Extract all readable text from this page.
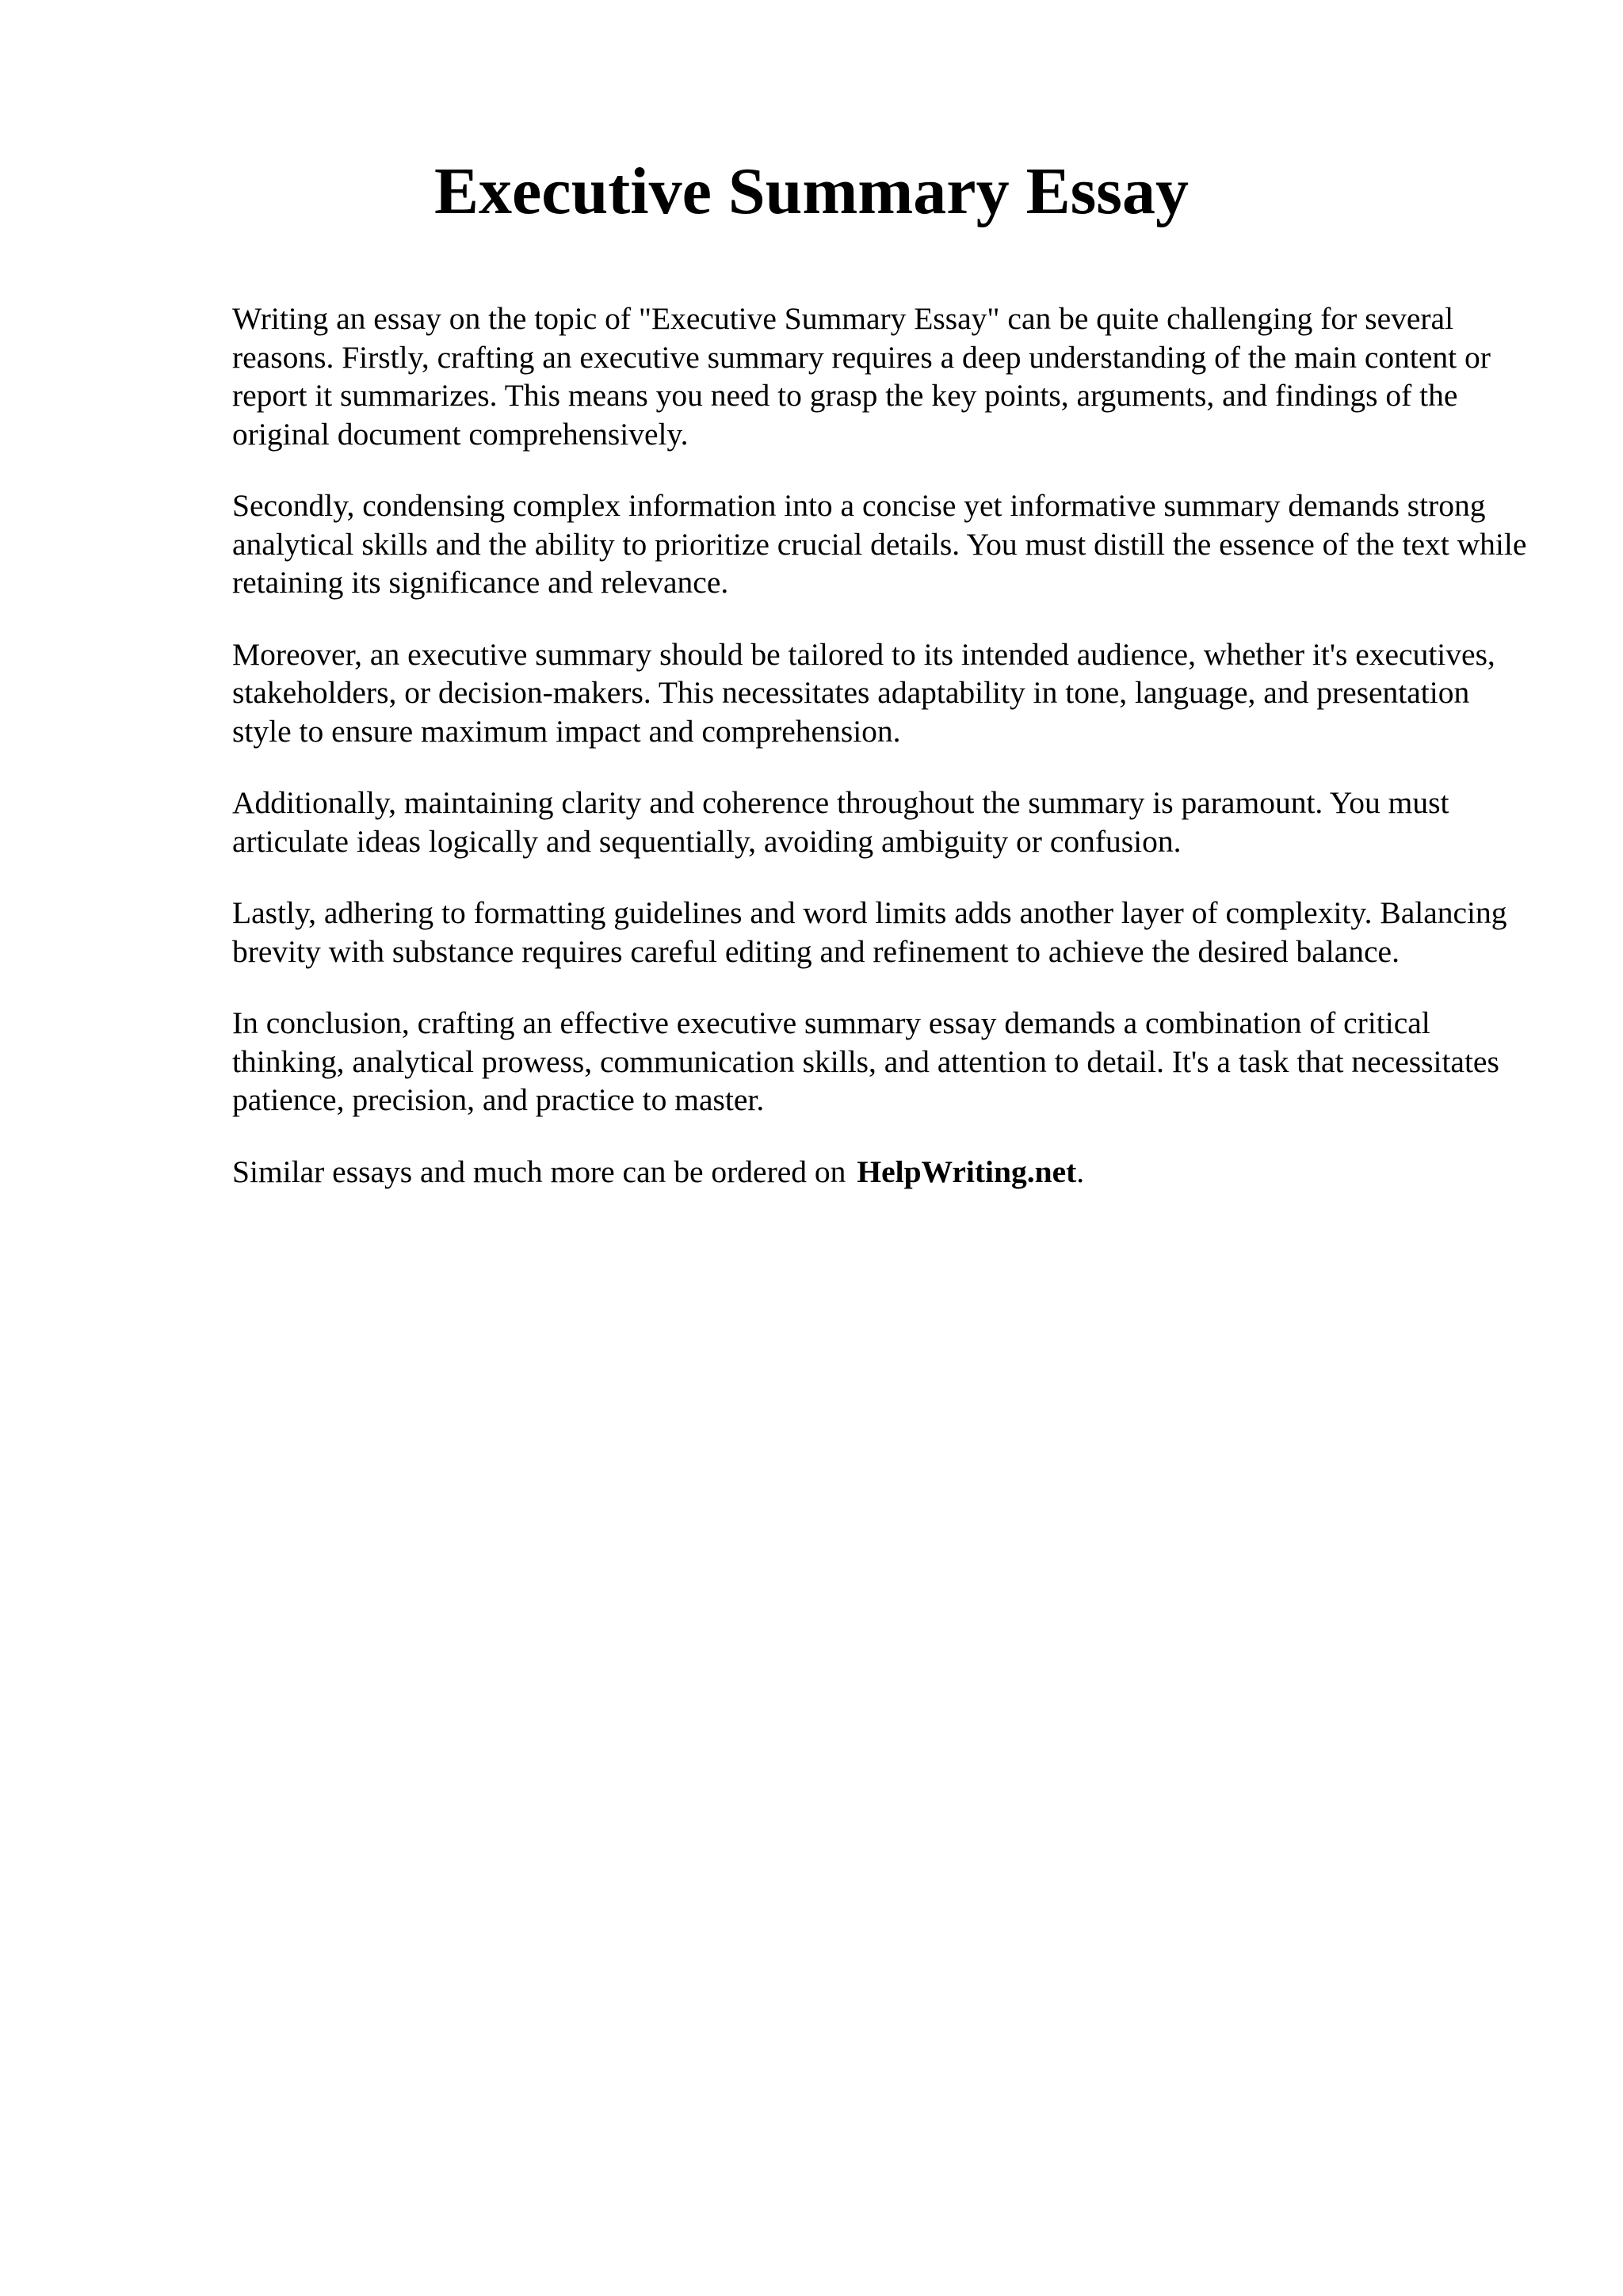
Executive Summary Essay

Writing an essay on the topic of "Executive Summary Essay" can be quite challenging for several reasons. Firstly, crafting an executive summary requires a deep understanding of the main content or report it summarizes. This means you need to grasp the key points, arguments, and findings of the original document comprehensively.

Secondly, condensing complex information into a concise yet informative summary demands strong analytical skills and the ability to prioritize crucial details. You must distill the essence of the text while retaining its significance and relevance.

Moreover, an executive summary should be tailored to its intended audience, whether it's executives, stakeholders, or decision-makers. This necessitates adaptability in tone, language, and presentation style to ensure maximum impact and comprehension.

Additionally, maintaining clarity and coherence throughout the summary is paramount. You must articulate ideas logically and sequentially, avoiding ambiguity or confusion.

Lastly, adhering to formatting guidelines and word limits adds another layer of complexity. Balancing brevity with substance requires careful editing and refinement to achieve the desired balance.

In conclusion, crafting an effective executive summary essay demands a combination of critical thinking, analytical prowess, communication skills, and attention to detail. It's a task that necessitates patience, precision, and practice to master.

Similar essays and much more can be ordered on HelpWriting.net.
